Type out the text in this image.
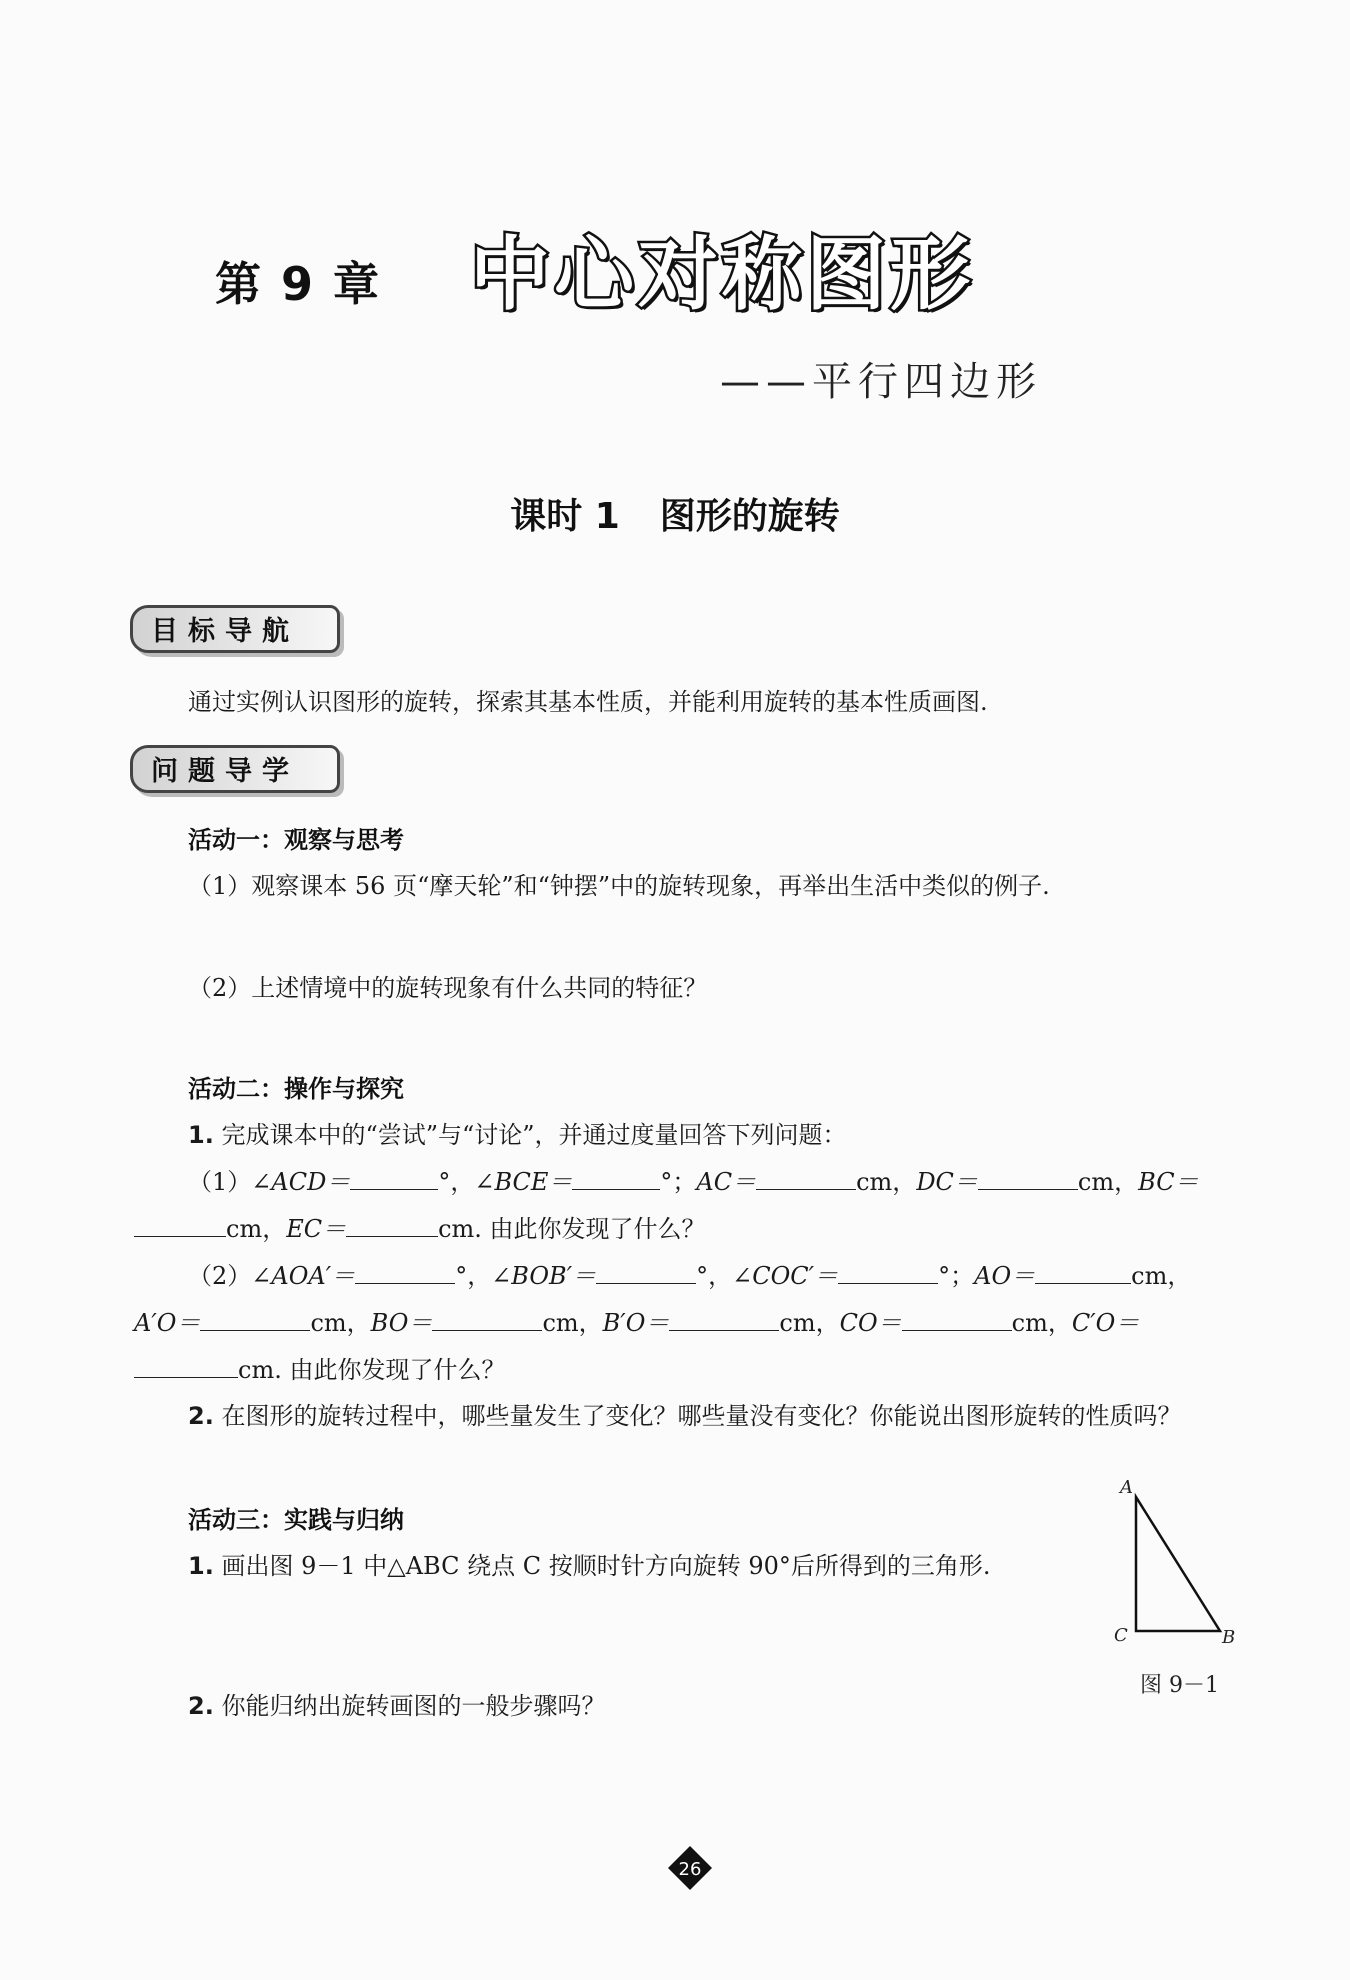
第 9 章 中心对称图形
——平行四边形
课时 1 图形的旋转
目标导航
通过实例认识图形的旋转，探索其基本性质，并能利用旋转的基本性质画图.
问题导学
活动一：观察与思考
（1）观察课本 56 页“摩天轮”和“钟摆”中的旋转现象，再举出生活中类似的例子.
（2）上述情境中的旋转现象有什么共同的特征？
活动二：操作与探究
1. 完成课本中的“尝试”与“讨论”，并通过度量回答下列问题：
（1）∠ACD＝	°，∠BCE＝	°；AC＝	cm，DC＝	cm，BC＝
cm，EC＝	cm. 由此你发现了什么？
（2）∠AOA′＝	°，∠BOB′＝	°，∠COC′＝	°；AO＝	cm，
A′O＝	cm，BO＝	cm，B′O＝	cm，CO＝	cm，C′O＝
cm. 由此你发现了什么？
2. 在图形的旋转过程中，哪些量发生了变化？哪些量没有变化？你能说出图形旋转的性质吗？
活动三：实践与归纳
1. 画出图 9－1 中△ABC 绕点 C 按顺时针方向旋转 90°后所得到的三角形.
2. 你能归纳出旋转画图的一般步骤吗？
A
C	B
图 9－1
26
